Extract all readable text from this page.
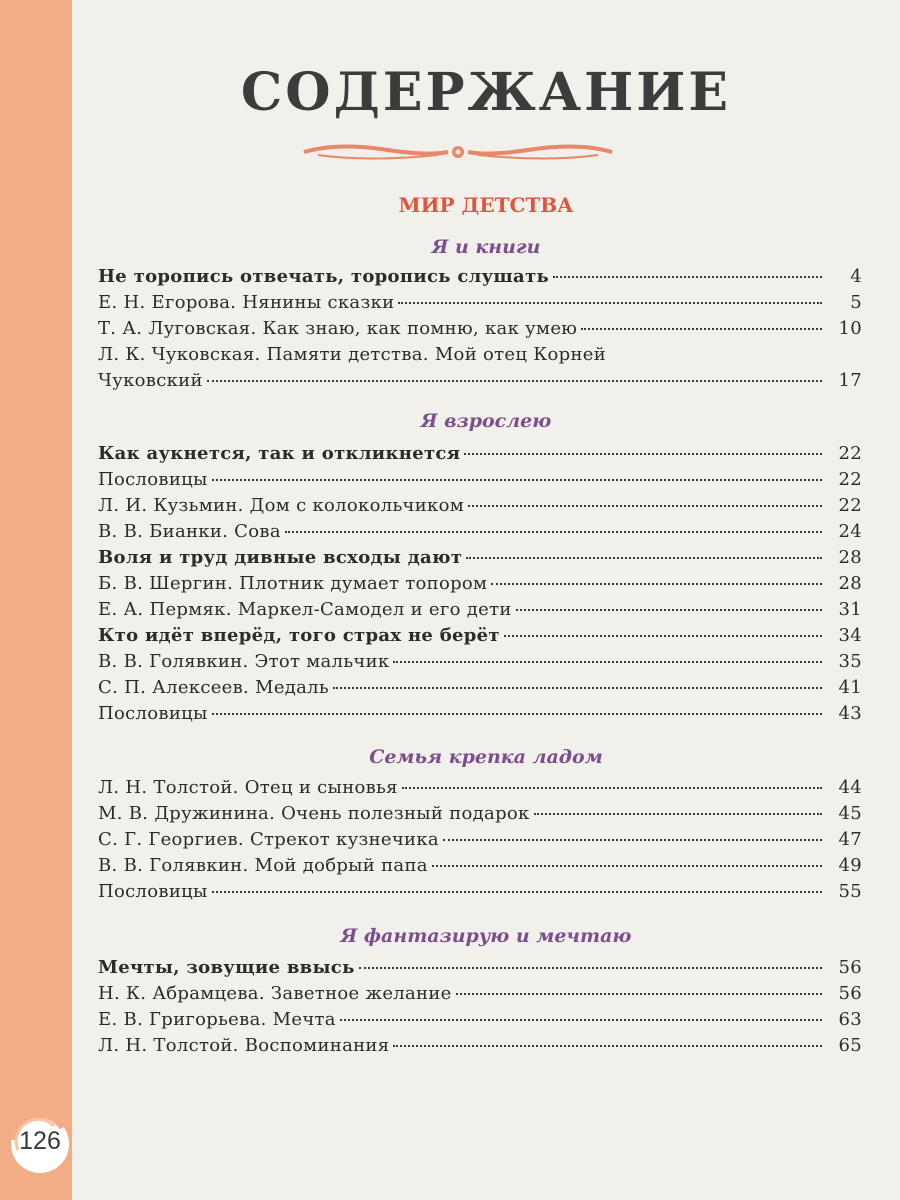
126
СОДЕРЖАНИЕ
МИР ДЕТСТВА
Я и книги
Не торопись отвечать, торопись слушать	4
Е. Н. Егорова. Нянины сказки	5
Т. А. Луговская. Как знаю, как помню, как умею	10
Л. К. Чуковская. Памяти детства. Мой отец Корней
Чуковский	17
Я взрослею
Как аукнется, так и откликнется	22
Пословицы	22
Л. И. Кузьмин. Дом с колокольчиком	22
В. В. Бианки. Сова	24
Воля и труд дивные всходы дают	28
Б. В. Шергин. Плотник думает топором	28
Е. А. Пермяк. Маркел-Самодел и его дети	31
Кто идёт вперёд, того страх не берёт	34
В. В. Голявкин. Этот мальчик	35
С. П. Алексеев. Медаль	41
Пословицы	43
Семья крепка ладом
Л. Н. Толстой. Отец и сыновья	44
М. В. Дружинина. Очень полезный подарок	45
С. Г. Георгиев. Стрекот кузнечика	47
В. В. Голявкин. Мой добрый папа	49
Пословицы	55
Я фантазирую и мечтаю
Мечты, зовущие ввысь	56
Н. К. Абрамцева. Заветное желание	56
Е. В. Григорьева. Мечта	63
Л. Н. Толстой. Воспоминания	65
